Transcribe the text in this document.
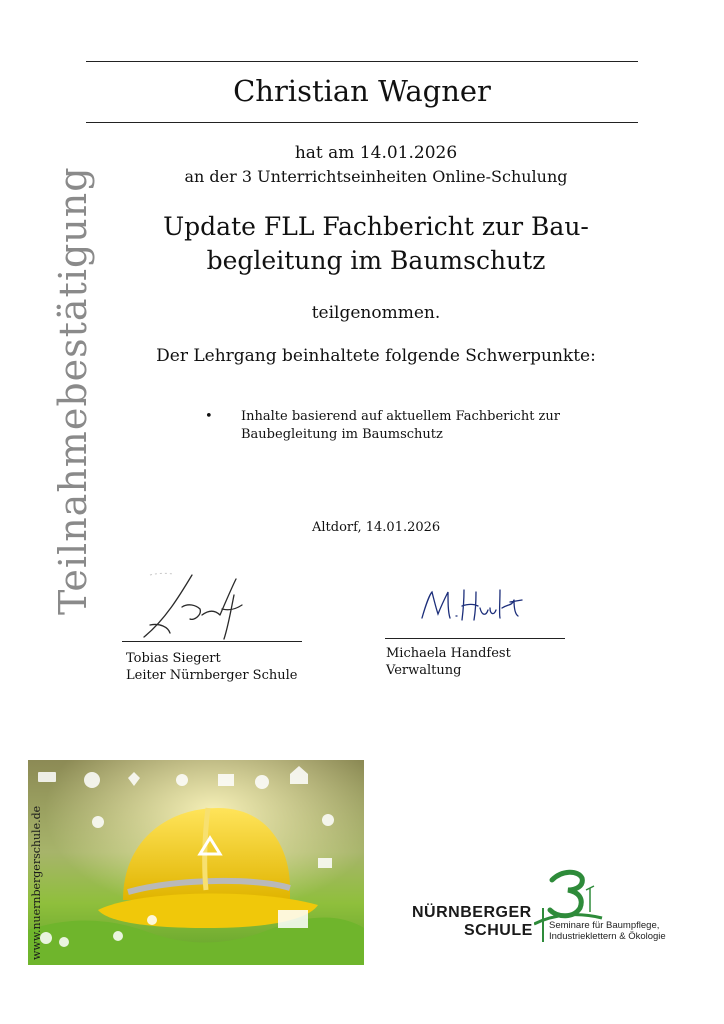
Teilnahmebestätigung
Christian Wagner
hat am 14.01.2026
an der 3 Unterrichtseinheiten Online-Schulung
Update FLL Fachbericht zur Bau-
begleitung im Baumschutz
teilgenommen.
Der Lehrgang beinhaltete folgende Schwerpunkte:
• Inhalte basierend auf aktuellem Fachbericht zur Baubegleitung im Baumschutz
Altdorf, 14.01.2026
Tobias Siegert
Leiter Nürnberger Schule
Michaela Handfest
Verwaltung
www.nuernbergerschule.de	NÜRNBERGER
SCHULE Seminare für Baumpflege,
Industrieklettern & Ökologie
